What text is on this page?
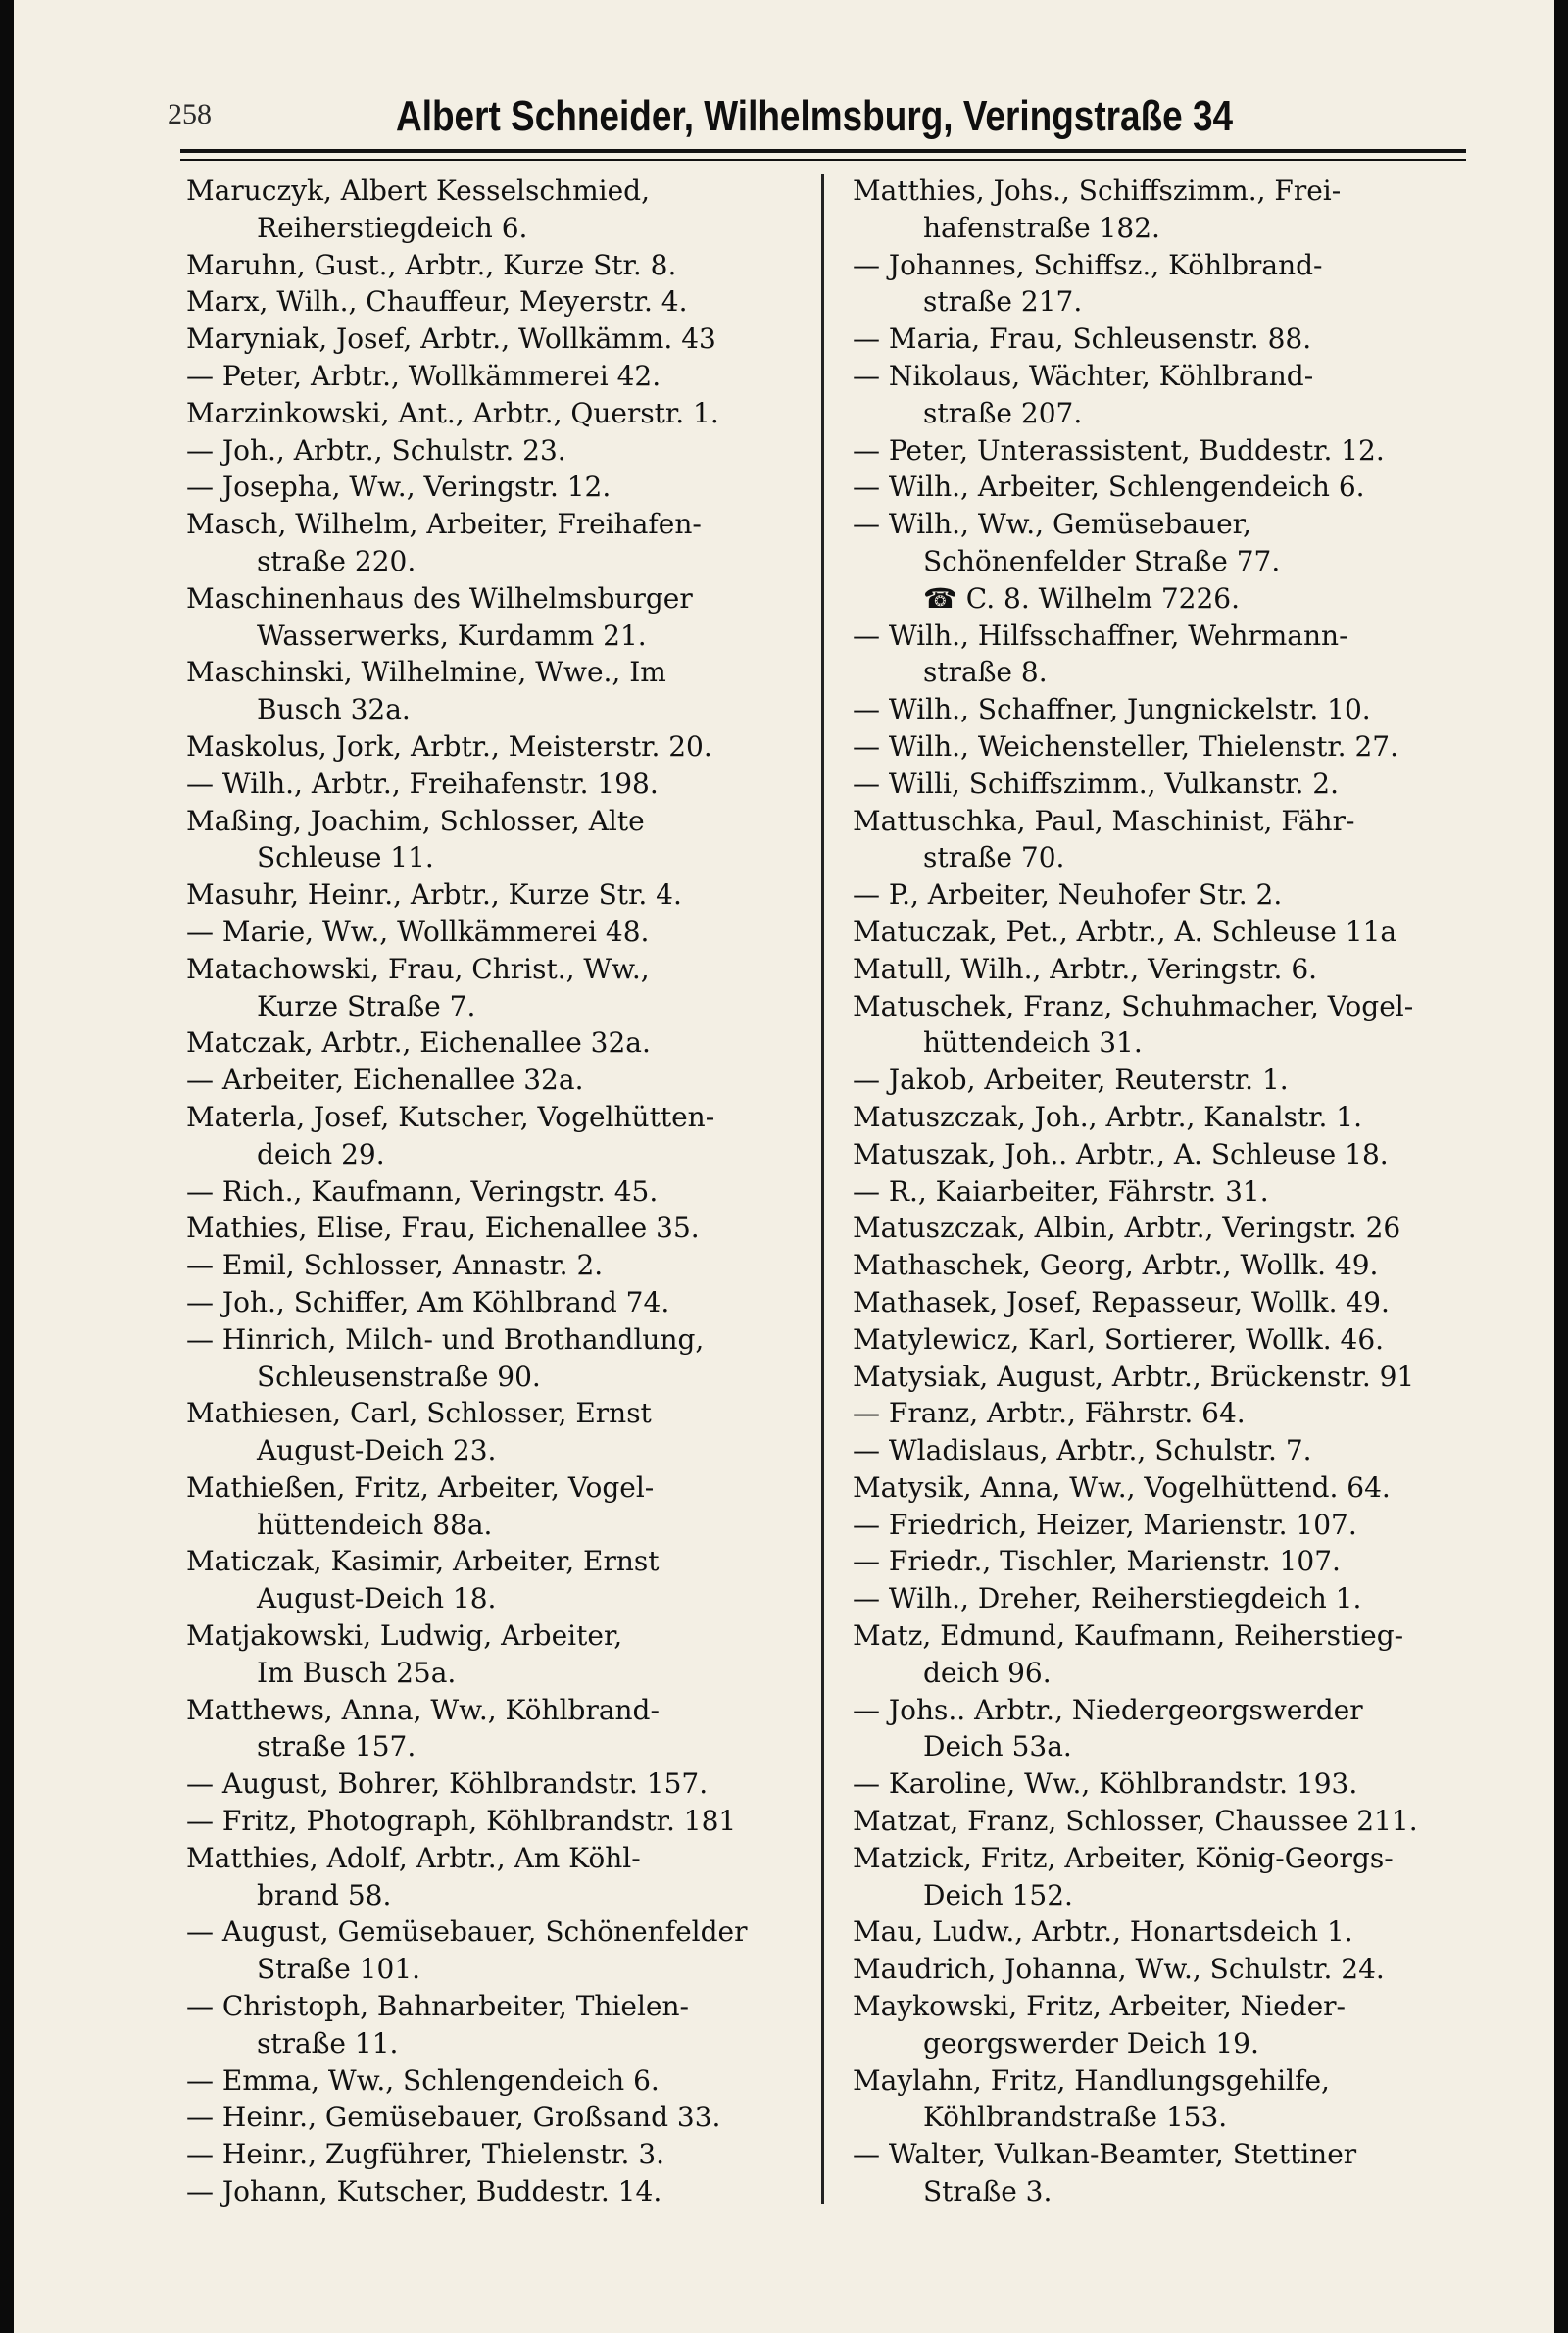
258	Albert Schneider, Wilhelmsburg, Veringstraße 34
Maruczyk, Albert Kesselschmied,
Reiherstiegdeich 6.
Maruhn, Gust., Arbtr., Kurze Str. 8.
Marx, Wilh., Chauffeur, Meyerstr. 4.
Maryniak, Josef, Arbtr., Wollkämm. 43
— Peter, Arbtr., Wollkämmerei 42.
Marzinkowski, Ant., Arbtr., Querstr. 1.
— Joh., Arbtr., Schulstr. 23.
— Josepha, Ww., Veringstr. 12.
Masch, Wilhelm, Arbeiter, Freihafen-
straße 220.
Maschinenhaus des Wilhelmsburger
Wasserwerks, Kurdamm 21.
Maschinski, Wilhelmine, Wwe., Im
Busch 32a.
Maskolus, Jork, Arbtr., Meisterstr. 20.
— Wilh., Arbtr., Freihafenstr. 198.
Maßing, Joachim, Schlosser, Alte
Schleuse 11.
Masuhr, Heinr., Arbtr., Kurze Str. 4.
— Marie, Ww., Wollkämmerei 48.
Matachowski, Frau, Christ., Ww.,
Kurze Straße 7.
Matczak, Arbtr., Eichenallee 32a.
— Arbeiter, Eichenallee 32a.
Materla, Josef, Kutscher, Vogelhütten-
deich 29.
— Rich., Kaufmann, Veringstr. 45.
Mathies, Elise, Frau, Eichenallee 35.
— Emil, Schlosser, Annastr. 2.
— Joh., Schiffer, Am Köhlbrand 74.
— Hinrich, Milch- und Brothandlung,
Schleusenstraße 90.
Mathiesen, Carl, Schlosser, Ernst
August-Deich 23.
Mathießen, Fritz, Arbeiter, Vogel-
hüttendeich 88a.
Maticzak, Kasimir, Arbeiter, Ernst
August-Deich 18.
Matjakowski, Ludwig, Arbeiter,
Im Busch 25a.
Matthews, Anna, Ww., Köhlbrand-
straße 157.
— August, Bohrer, Köhlbrandstr. 157.
— Fritz, Photograph, Köhlbrandstr. 181
Matthies, Adolf, Arbtr., Am Köhl-
brand 58.
— August, Gemüsebauer, Schönenfelder
Straße 101.
— Christoph, Bahnarbeiter, Thielen-
straße 11.
— Emma, Ww., Schlengendeich 6.
— Heinr., Gemüsebauer, Großsand 33.
— Heinr., Zugführer, Thielenstr. 3.
— Johann, Kutscher, Buddestr. 14.
Matthies, Johs., Schiffszimm., Frei-
hafenstraße 182.
— Johannes, Schiffsz., Köhlbrand-
straße 217.
— Maria, Frau, Schleusenstr. 88.
— Nikolaus, Wächter, Köhlbrand-
straße 207.
— Peter, Unterassistent, Buddestr. 12.
— Wilh., Arbeiter, Schlengendeich 6.
— Wilh., Ww., Gemüsebauer,
Schönenfelder Straße 77.
☎ C. 8. Wilhelm 7226.
— Wilh., Hilfsschaffner, Wehrmann-
straße 8.
— Wilh., Schaffner, Jungnickelstr. 10.
— Wilh., Weichensteller, Thielenstr. 27.
— Willi, Schiffszimm., Vulkanstr. 2.
Mattuschka, Paul, Maschinist, Fähr-
straße 70.
— P., Arbeiter, Neuhofer Str. 2.
Matuczak, Pet., Arbtr., A. Schleuse 11a
Matull, Wilh., Arbtr., Veringstr. 6.
Matuschek, Franz, Schuhmacher, Vogel-
hüttendeich 31.
— Jakob, Arbeiter, Reuterstr. 1.
Matuszczak, Joh., Arbtr., Kanalstr. 1.
Matuszak, Joh.. Arbtr., A. Schleuse 18.
— R., Kaiarbeiter, Fährstr. 31.
Matuszczak, Albin, Arbtr., Veringstr. 26
Mathaschek, Georg, Arbtr., Wollk. 49.
Mathasek, Josef, Repasseur, Wollk. 49.
Matylewicz, Karl, Sortierer, Wollk. 46.
Matysiak, August, Arbtr., Brückenstr. 91
— Franz, Arbtr., Fährstr. 64.
— Wladislaus, Arbtr., Schulstr. 7.
Matysik, Anna, Ww., Vogelhüttend. 64.
— Friedrich, Heizer, Marienstr. 107.
— Friedr., Tischler, Marienstr. 107.
— Wilh., Dreher, Reiherstiegdeich 1.
Matz, Edmund, Kaufmann, Reiherstieg-
deich 96.
— Johs.. Arbtr., Niedergeorgswerder
Deich 53a.
— Karoline, Ww., Köhlbrandstr. 193.
Matzat, Franz, Schlosser, Chaussee 211.
Matzick, Fritz, Arbeiter, König-Georgs-
Deich 152.
Mau, Ludw., Arbtr., Honartsdeich 1.
Maudrich, Johanna, Ww., Schulstr. 24.
Maykowski, Fritz, Arbeiter, Nieder-
georgswerder Deich 19.
Maylahn, Fritz, Handlungsgehilfe,
Köhlbrandstraße 153.
— Walter, Vulkan-Beamter, Stettiner
Straße 3.
